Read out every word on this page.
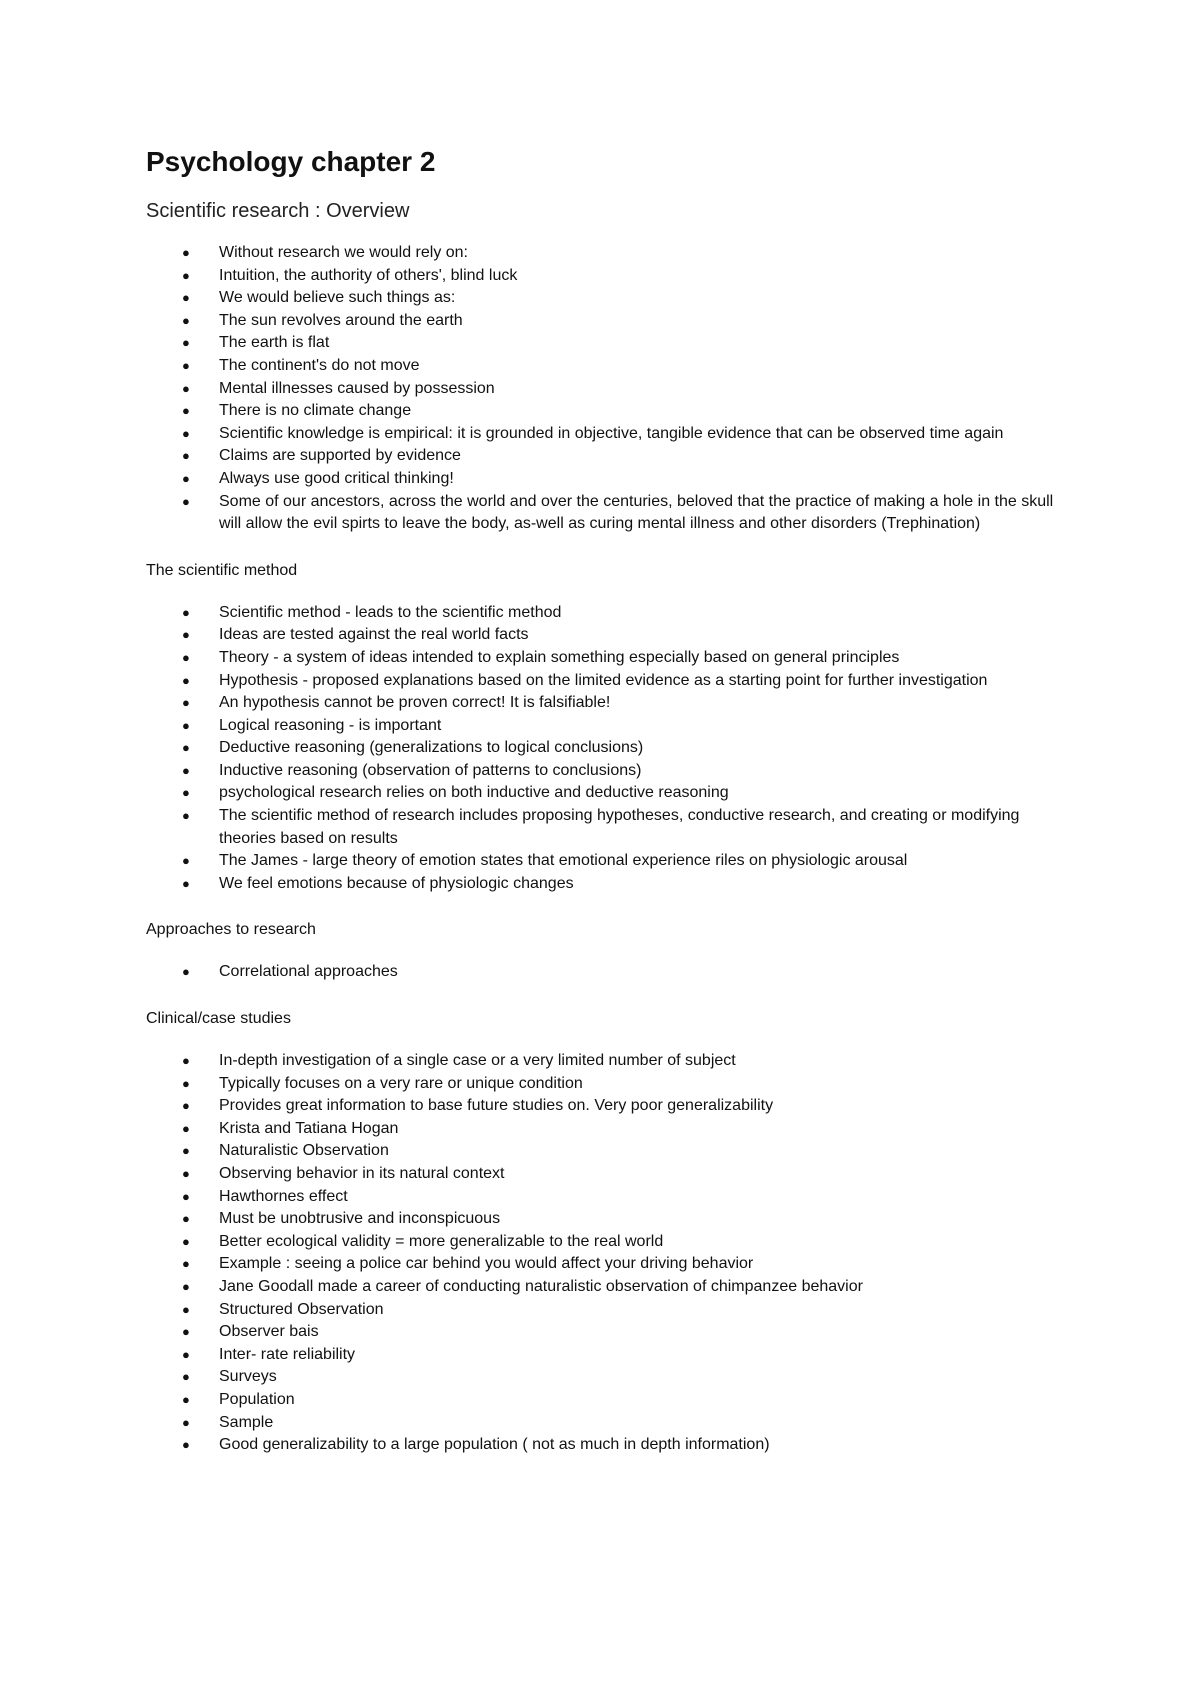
Psychology chapter 2
Scientific research : Overview
●	Without research we would rely on:
●	Intuition, the authority of others', blind luck
●	We would believe such things as:
●	The sun revolves around the earth
●	The earth is flat
●	The continent's do not move
●	Mental illnesses caused by possession
●	There is no climate change
●	Scientific knowledge is empirical: it is grounded in objective, tangible evidence that can be observed time again
●	Claims are supported by evidence
●	Always use good critical thinking!
●	Some of our ancestors, across the world and over the centuries, beloved that the practice of making a hole in the skull will allow the evil spirts to leave the body, as-well as curing mental illness and other disorders (Trephination)
The scientific method
●	Scientific method - leads to the scientific method
●	Ideas are tested against the real world facts
●	Theory - a system of ideas intended to explain something especially based on general principles
●	Hypothesis - proposed explanations based on the limited evidence as a starting point for further investigation
●	An hypothesis cannot be proven correct! It is falsifiable!
●	Logical reasoning - is important
●	Deductive reasoning (generalizations to logical conclusions)
●	Inductive reasoning (observation of patterns to conclusions)
●	psychological research relies on both inductive and deductive reasoning
●	The scientific method of research includes proposing hypotheses, conductive research, and creating or modifying theories based on results
●	The James - large theory of emotion states that emotional experience riles on physiologic arousal
●	We feel emotions because of physiologic changes
Approaches to research
●	Correlational approaches
Clinical/case studies
●	In-depth investigation of a single case or a very limited number of subject
●	Typically focuses on a very rare or unique condition
●	Provides great information to base future studies on. Very poor generalizability
●	Krista and Tatiana Hogan
●	Naturalistic Observation
●	Observing behavior in its natural context
●	Hawthornes effect
●	Must be unobtrusive and inconspicuous
●	Better ecological validity = more generalizable to the real world
●	Example : seeing a police car behind you would affect your driving behavior
●	Jane Goodall made a career of conducting naturalistic observation of chimpanzee behavior
●	Structured Observation
●	Observer bais
●	Inter- rate reliability
●	Surveys
●	Population
●	Sample
●	Good generalizability to a large population ( not as much in depth information)
